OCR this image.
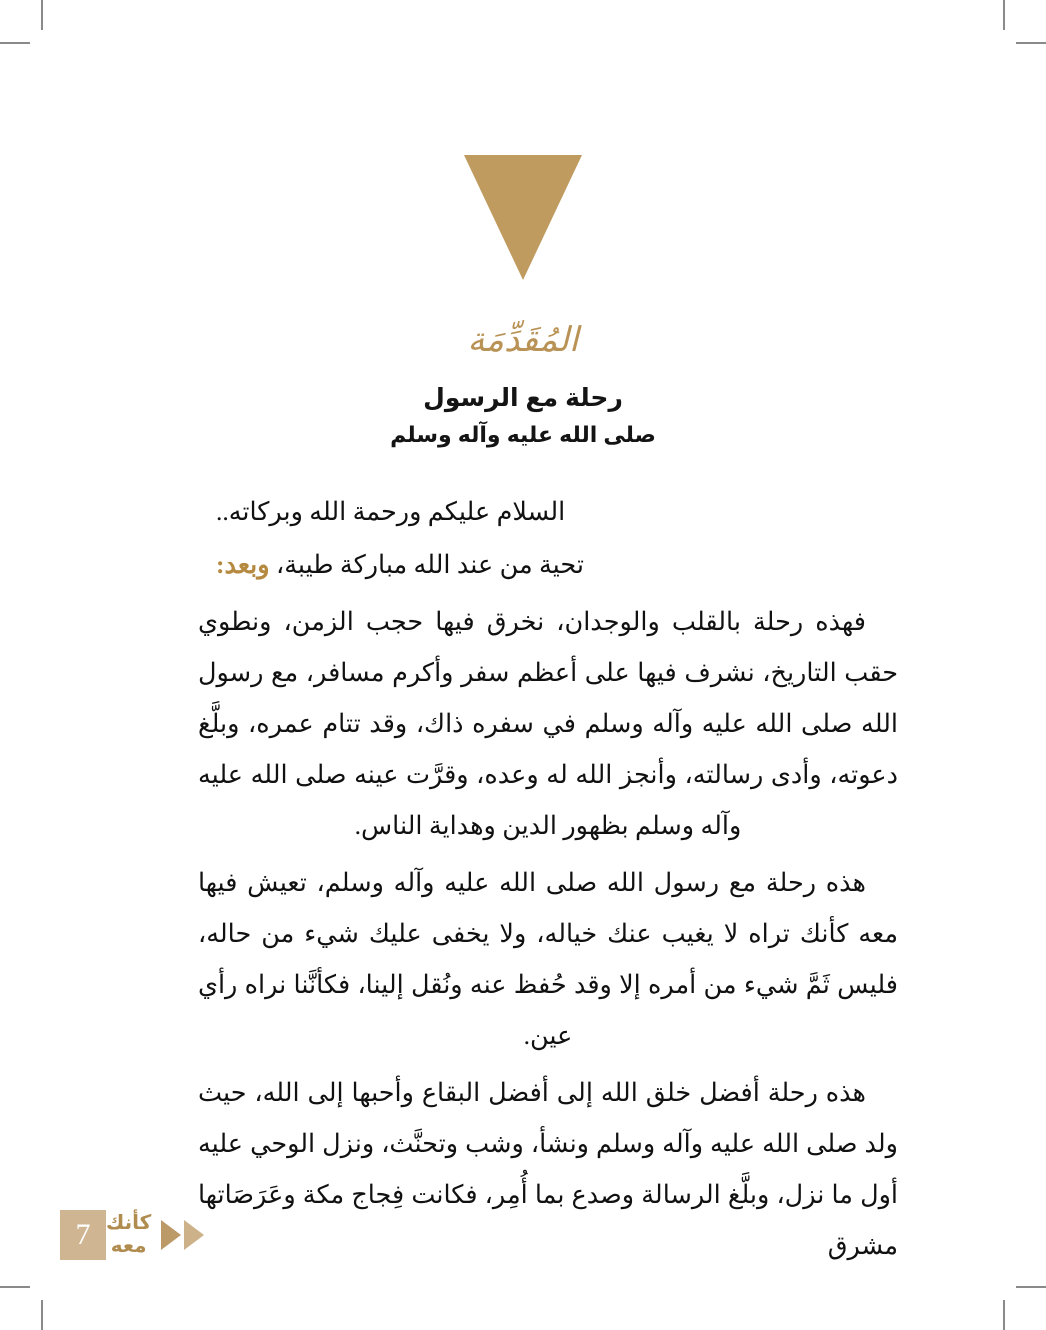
المُقَدِّمَة
رحلة مع الرسول
صلى الله عليه وآله وسلم
السلام عليكم ورحمة الله وبركاته..
تحية من عند الله مباركة طيبة، وبعد:

فهذه رحلة بالقلب والوجدان، نخرق فيها حجب الزمن، ونطوي حقب التاريخ، نشرف فيها على أعظم سفر وأكرم مسافر، مع رسول الله صلى الله عليه وآله وسلم في سفره ذاك، وقد تتام عمره، وبلَّغ دعوته، وأدى رسالته، وأنجز الله له وعده، وقرَّت عينه صلى الله عليه وآله وسلم بظهور الدين وهداية الناس.

هذه رحلة مع رسول الله صلى الله عليه وآله وسلم، تعيش فيها معه كأنك تراه لا يغيب عنك خياله، ولا يخفى عليك شيء من حاله، فليس ثَمَّ شيء من أمره إلا وقد حُفظ عنه ونُقل إلينا، فكأنَّنا نراه رأي عين.

هذه رحلة أفضل خلق الله إلى أفضل البقاع وأحبها إلى الله، حيث ولد صلى الله عليه وآله وسلم ونشأ، وشب وتحنَّث، ونزل الوحي عليه أول ما نزل، وبلَّغ الرسالة وصدع بما أُمِر، فكانت فِجاج مكة وعَرَصَاتها مشرق

7 كأنك
معه
